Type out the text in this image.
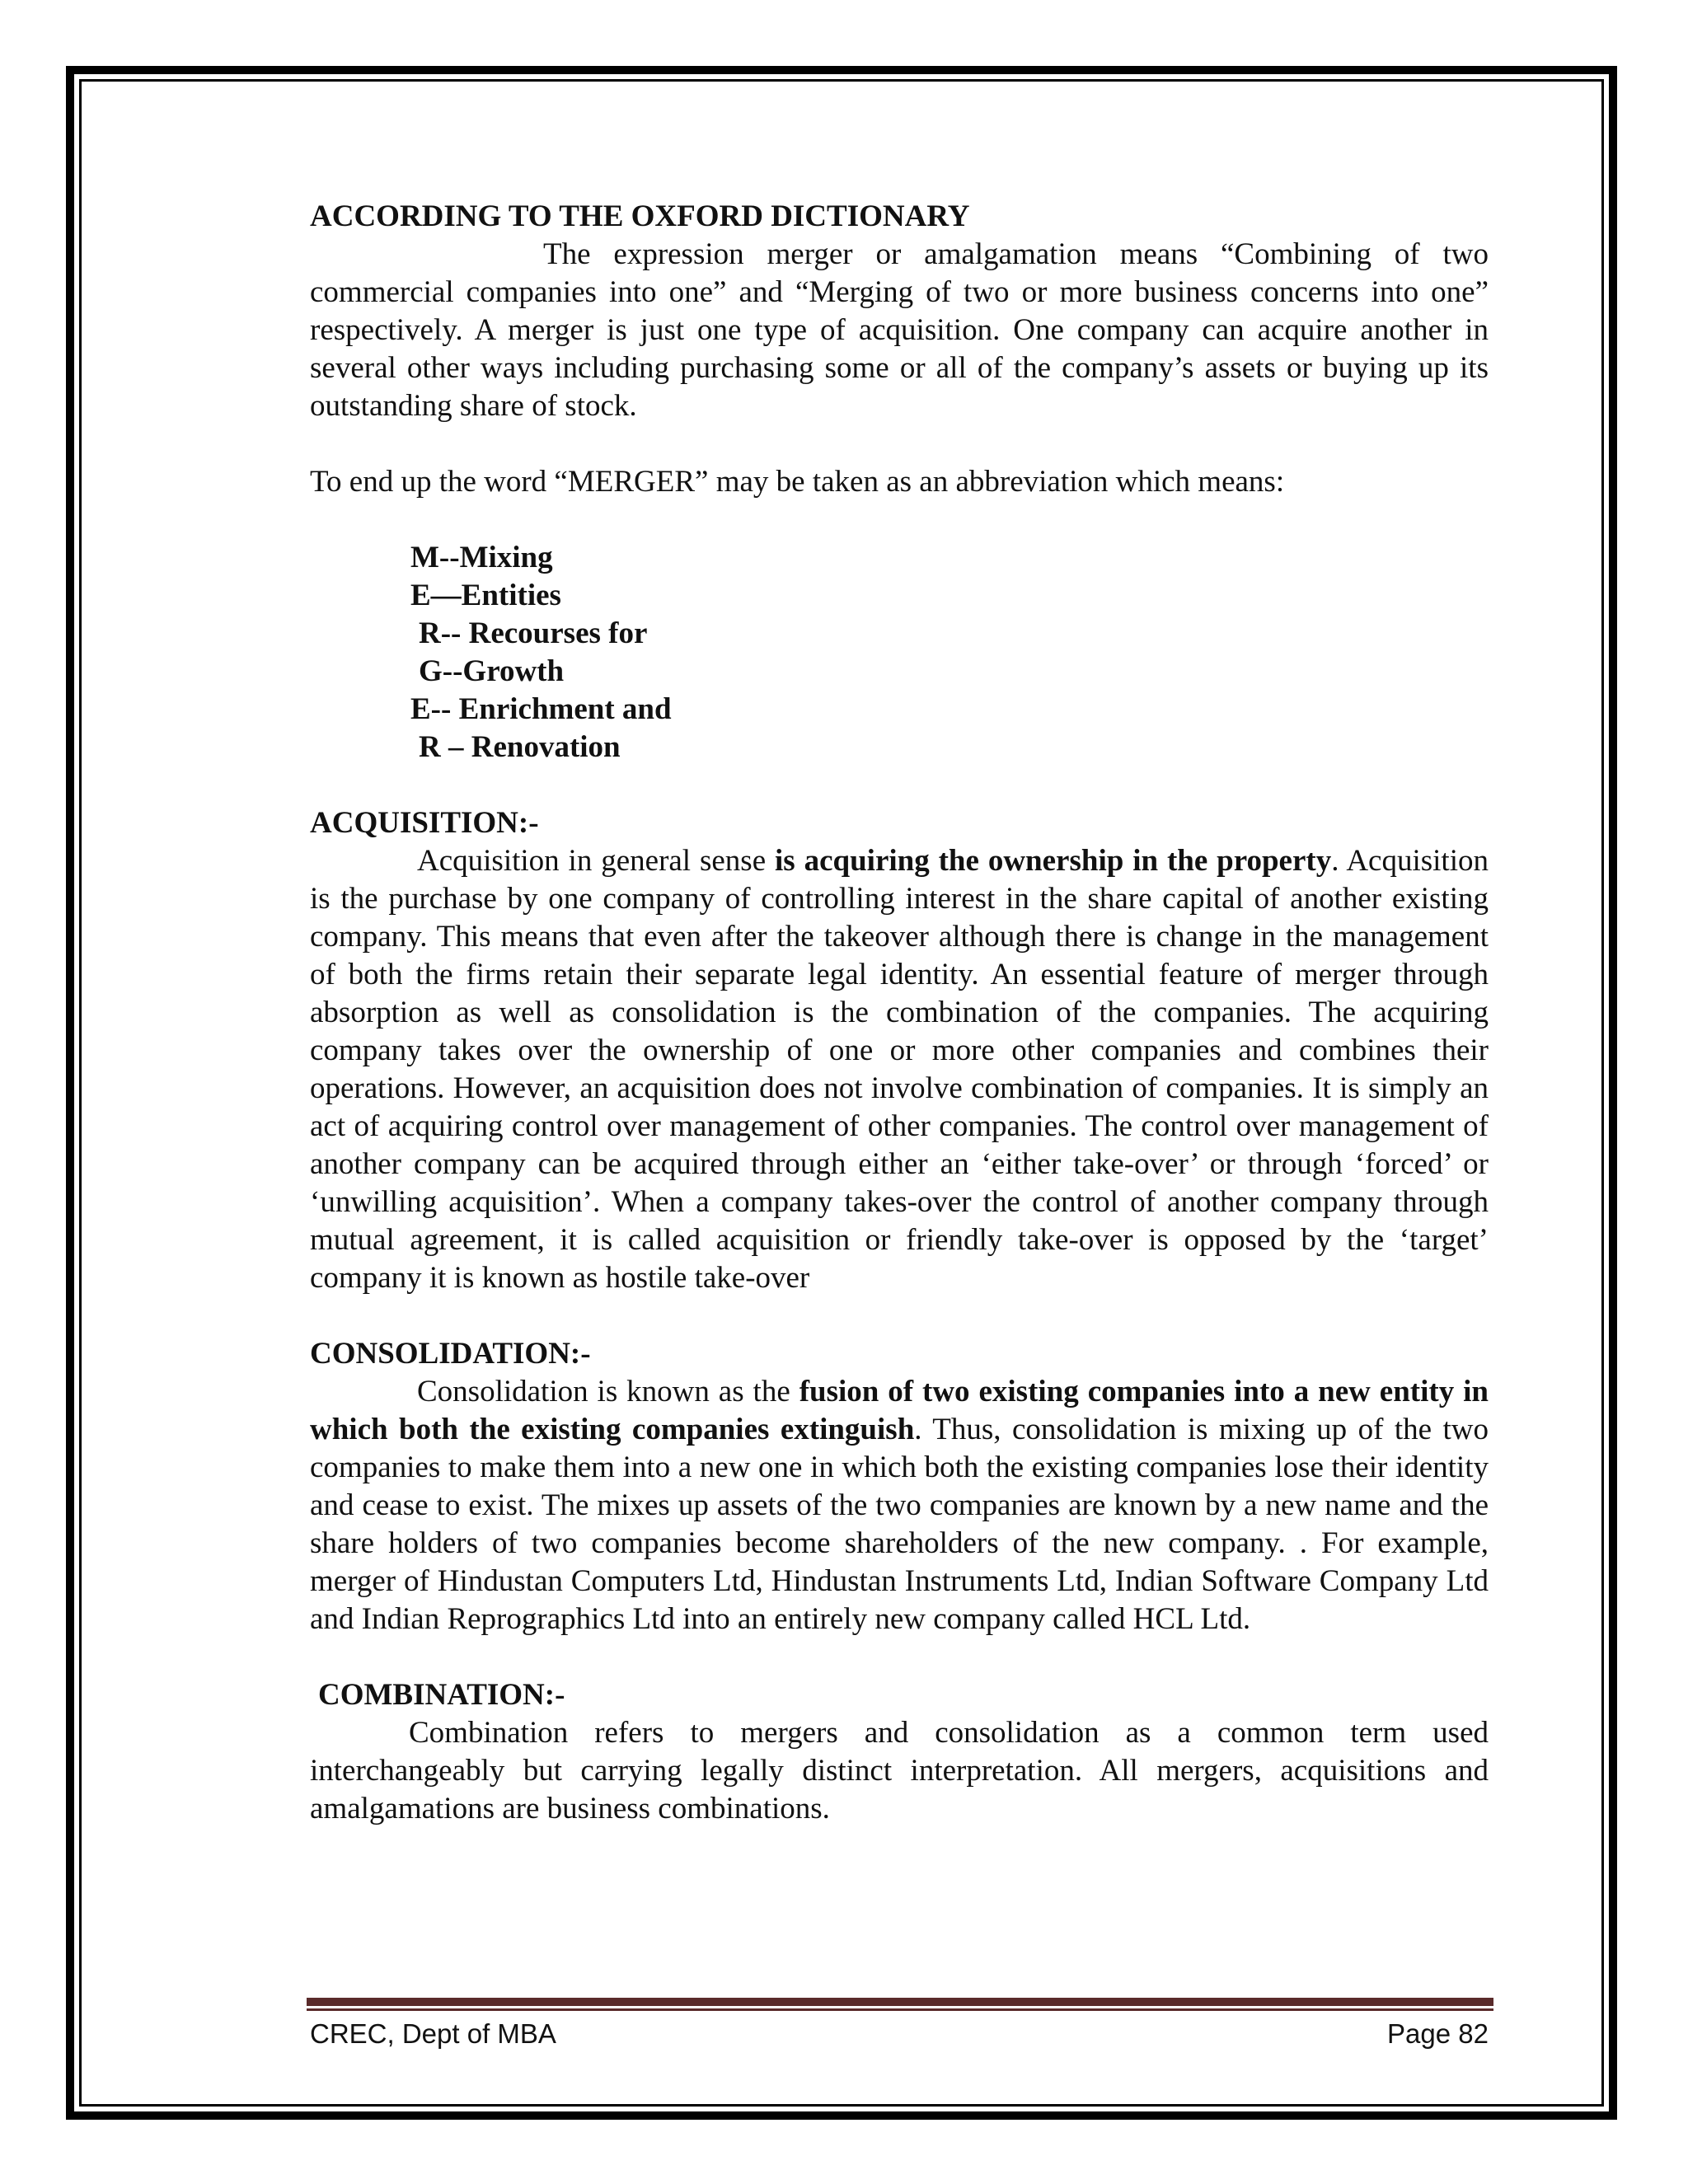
ACCORDING TO THE OXFORD DICTIONARY

The expression merger or amalgamation means “Combining of two commercial companies into one” and “Merging of two or more business concerns into one” respectively. A merger is just one type of acquisition. One company can acquire another in several other ways including purchasing some or all of the company’s assets or buying up its outstanding share of stock.

To end up the word “MERGER” may be taken as an abbreviation which means:

M--Mixing
E—Entities
R-- Recourses for
G--Growth
E-- Enrichment and
R – Renovation

ACQUISITION:-

Acquisition in general sense is acquiring the ownership in the property. Acquisition is the purchase by one company of controlling interest in the share capital of another existing company. This means that even after the takeover although there is change in the management of both the firms retain their separate legal identity. An essential feature of merger through absorption as well as consolidation is the combination of the companies. The acquiring company takes over the ownership of one or more other companies and combines their operations. However, an acquisition does not involve combination of companies. It is simply an act of acquiring control over management of other companies. The control over management of another company can be acquired through either an ‘either take-over’ or through ‘forced’ or ‘unwilling acquisition’. When a company takes-over the control of another company through mutual agreement, it is called acquisition or friendly take-over is opposed by the ‘target’ company it is known as hostile take-over

CONSOLIDATION:-

Consolidation is known as the fusion of two existing companies into a new entity in which both the existing companies extinguish. Thus, consolidation is mixing up of the two companies to make them into a new one in which both the existing companies lose their identity and cease to exist. The mixes up assets of the two companies are known by a new name and the share holders of two companies become shareholders of the new company. . For example, merger of Hindustan Computers Ltd, Hindustan Instruments Ltd, Indian Software Company Ltd and Indian Reprographics Ltd into an entirely new company called HCL Ltd.

COMBINATION:-

Combination refers to mergers and consolidation as a common term used interchangeably but carrying legally distinct interpretation. All mergers, acquisitions and amalgamations are business combinations.

CREC, Dept of MBA	Page 82
